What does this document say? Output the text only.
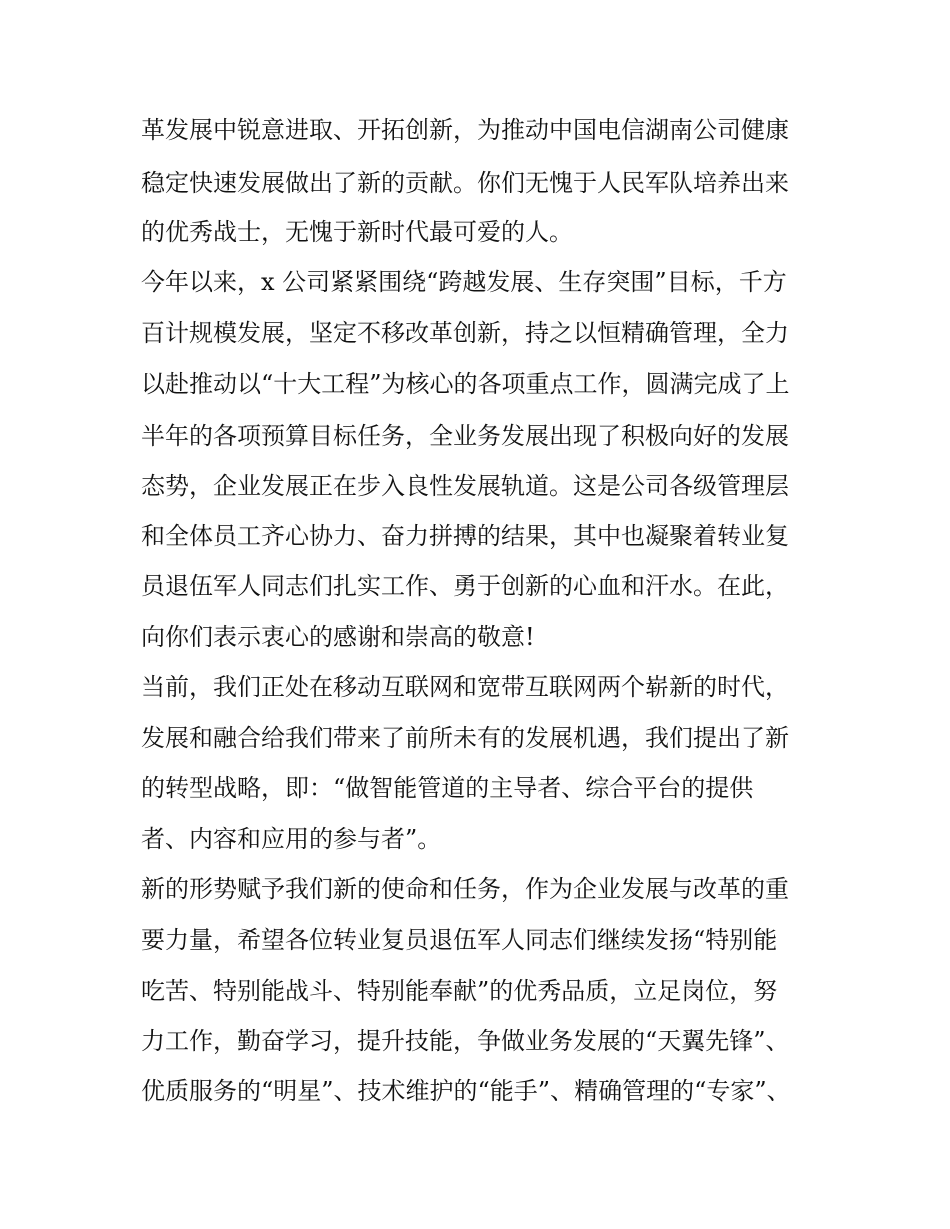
革发展中锐意进取、开拓创新，为推动中国电信湖南公司健康

稳定快速发展做出了新的贡献。你们无愧于人民军队培养出来

的优秀战士，无愧于新时代最可爱的人。

今年以来，x 公司紧紧围绕“跨越发展、生存突围”目标，千方

百计规模发展，坚定不移改革创新，持之以恒精确管理，全力

以赴推动以“十大工程”为核心的各项重点工作，圆满完成了上

半年的各项预算目标任务，全业务发展出现了积极向好的发展

态势，企业发展正在步入良性发展轨道。这是公司各级管理层

和全体员工齐心协力、奋力拼搏的结果，其中也凝聚着转业复

员退伍军人同志们扎实工作、勇于创新的心血和汗水。在此，

向你们表示衷心的感谢和崇高的敬意!

当前，我们正处在移动互联网和宽带互联网两个崭新的时代，

发展和融合给我们带来了前所未有的发展机遇，我们提出了新

的转型战略，即：“做智能管道的主导者、综合平台的提供

者、内容和应用的参与者”。

新的形势赋予我们新的使命和任务，作为企业发展与改革的重

要力量，希望各位转业复员退伍军人同志们继续发扬“特别能

吃苦、特别能战斗、特别能奉献”的优秀品质，立足岗位，努

力工作，勤奋学习，提升技能，争做业务发展的“天翼先锋”、

优质服务的“明星”、技术维护的“能手”、精确管理的“专家”、
